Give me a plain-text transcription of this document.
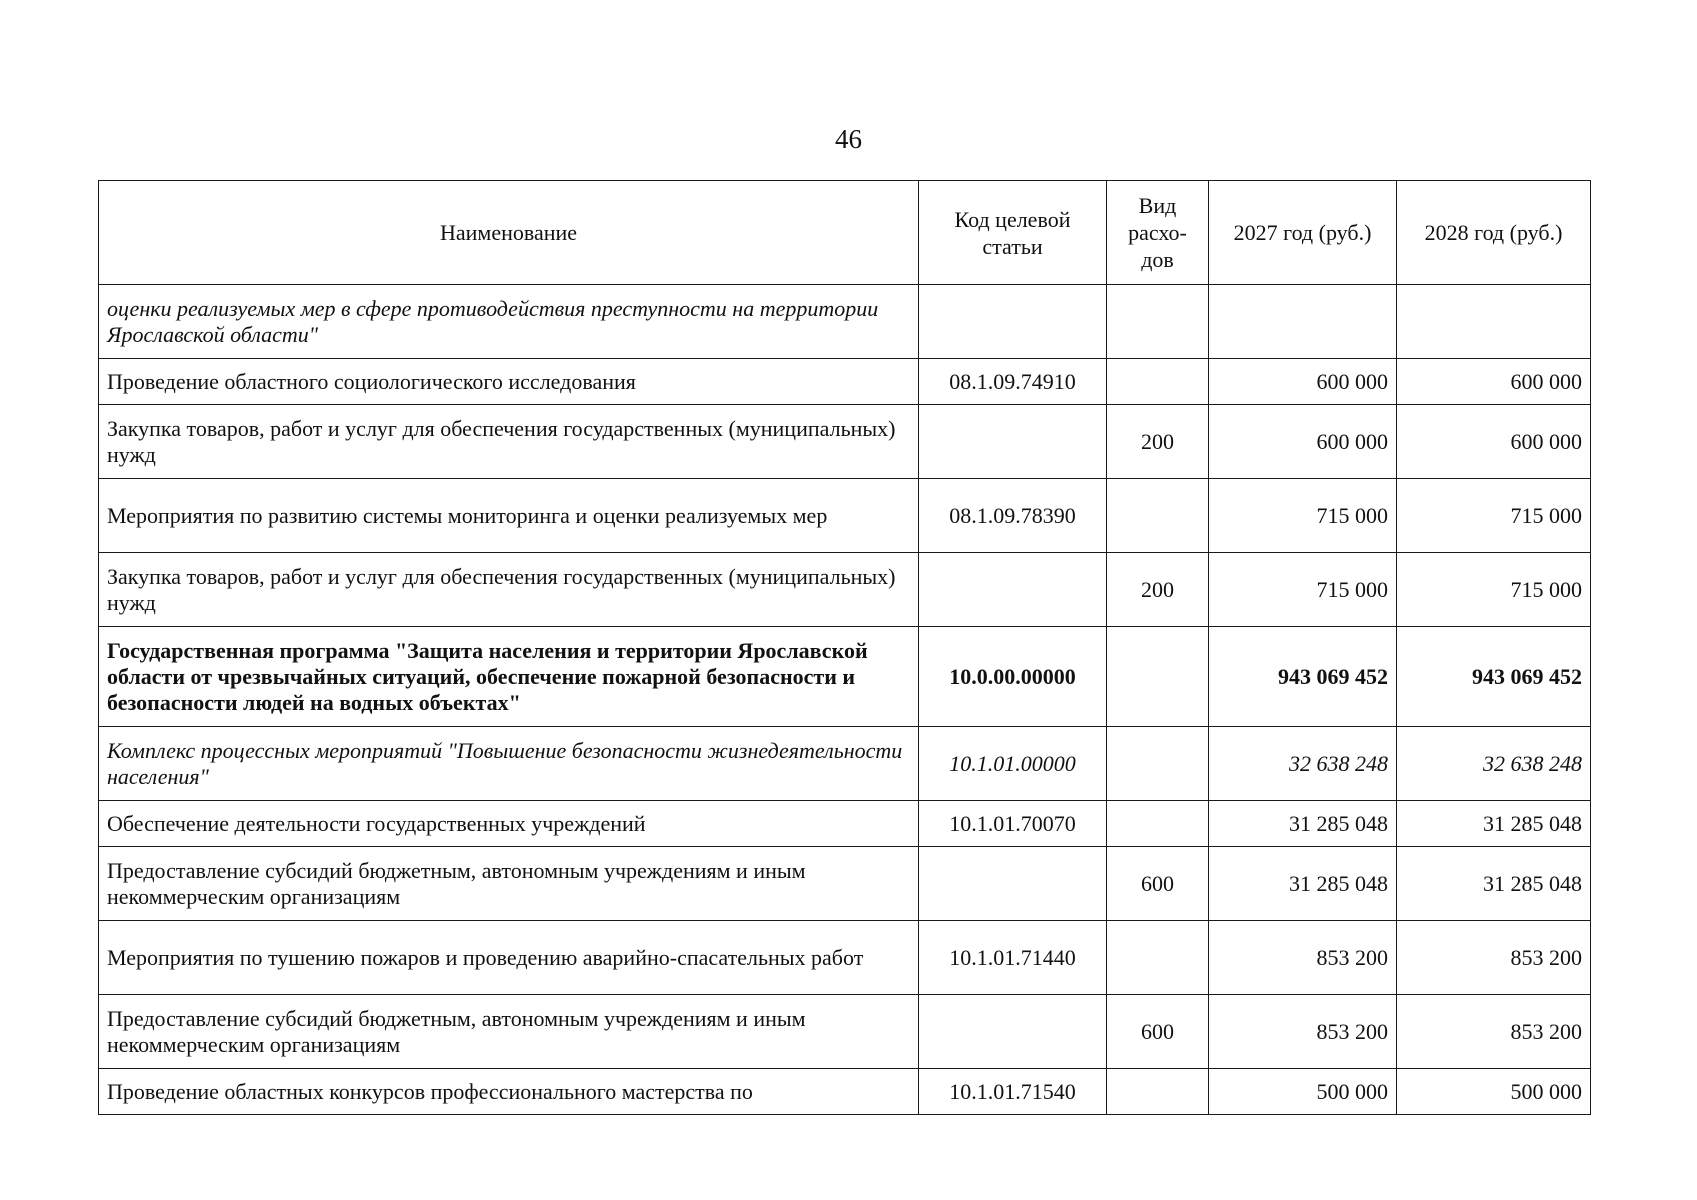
46
Наименование	Код целевой статьи	Вид расхо-дов	2027 год (руб.)	2028 год (руб.)
оценки реализуемых мер в сфере противодействия преступности на территории Ярославской области"				
Проведение областного социологического исследования	08.1.09.74910		600 000	600 000
Закупка товаров, работ и услуг для обеспечения государственных (муниципальных) нужд		200	600 000	600 000
Мероприятия по развитию системы мониторинга и оценки реализуемых мер	08.1.09.78390		715 000	715 000
Закупка товаров, работ и услуг для обеспечения государственных (муниципальных) нужд		200	715 000	715 000
Государственная программа "Защита населения и территории Ярославской области от чрезвычайных ситуаций, обеспечение пожарной безопасности и безопасности людей на водных объектах"	10.0.00.00000		943 069 452	943 069 452
Комплекс процессных мероприятий "Повышение безопасности жизнедеятельности населения"	10.1.01.00000		32 638 248	32 638 248
Обеспечение деятельности государственных учреждений	10.1.01.70070		31 285 048	31 285 048
Предоставление субсидий бюджетным, автономным учреждениям и иным некоммерческим организациям		600	31 285 048	31 285 048
Мероприятия по тушению пожаров и проведению аварийно-спасательных работ	10.1.01.71440		853 200	853 200
Предоставление субсидий бюджетным, автономным учреждениям и иным некоммерческим организациям		600	853 200	853 200
Проведение областных конкурсов профессионального мастерства по	10.1.01.71540		500 000	500 000
